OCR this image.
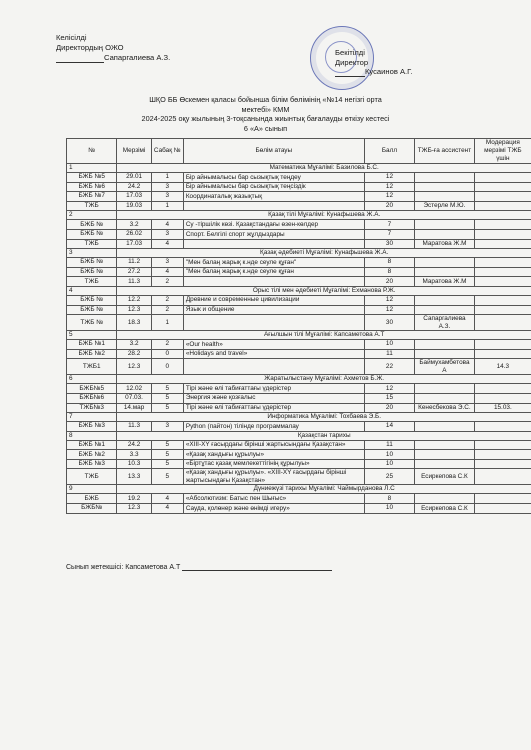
Келісілді
Директордың ОЖО
Сапаргалиева А.З.
Бекітілді
Директор
Кусаинов А.Г.
ШҚО ББ Өскемен қаласы бойынша білім бөлімінің «№14 негізгі орта
мектебі» КММ
2024-2025 оқу жылының 3-тоқсанында жиынтық бағалауды өткізу кестесі
6 «А» сынып
№	Мерзімі	Сабақ №	Бөлім атауы	Балл	ТЖБ-ға ассистент	Модерация мерзімі ТЖБ үшін
1	Математика Мұғалімі: Базилова Б.С.					
БЖБ №5	29.01	1	Бір айнымалысы бар сызықтық теңдеу	12		
БЖБ №6	24.2	3	Бір айнымалысы бар сызықтық теңсіздік	12		
БЖБ №7	17.03	3	Координаталық жазықтық	12		
ТЖБ	19.03	1		20	Эстерле М.Ю.	
2	Қазақ тілі Мұғалімі: Кунафьшева Ж.А.					
БЖБ №	3.2	4	Су -тіршілік көзі. Қазақстандағы өзен-көлдер	7		
БЖБ №	26.02	3	Спорт. Белгілі спорт жұлдыздары	7		
ТЖБ	17.03	4		30	Маратова Ж.М	
3	Қазақ әдебиеті Мұғалімі: Кунафьшева Ж.А.					
БЖБ №	11.2	3	"Мен балаң жарық к.нде сеуле құған"	8		
БЖБ №	27.2	4	"Мен балаң жарық к.нде сеуле құған	8		
ТЖБ	11.3	2		20	Маратова Ж.М	
4	Орыс тілі мен әдебиеті Мұғалімі: Ехманова Р.Ж.					
БЖБ №	12.2	2	Древние и современные цивилизации	12		
БЖБ №	12.3	2	Язык и общение	12		
ТЖБ №	18.3	1		30	Сапаргалиева А.З.	
5	Ағылшын тілі Мұғалімі: Капсаметова А.Т					
БЖБ №1	3.2	2	«Our health»	10		
БЖБ №2	28.2	0	«Holidays and travel»	11		
ТЖБ1	12.3	0		22	Баймухамбетова А	14.3
6	Жаратылыстану Мұғалімі: Ахметов Б.Ж.					
БЖБ№5	12.02	5	Тірі және өлі табиғаттағы үдерістер	12		
БЖБ№6	07.03.	5	Энергия және қозғалыс	15		
ТЖБ№3	14.мар	5	Тірі және өлі табиғаттағы үдерістер	20	Кенесбекова Э.С.	15.03.
7	Информатика Мұғалімі: Тохбаева Э.Б.					
БЖБ №3	11.3	3	Python (пайтон) тілінде программалау	14		
8	Қазақстан тарихы					
БЖБ №1	24.2	5	«XIII-XY ғасырдағы бірінші жартысындағы Қазақстан»	11		
БЖБ №2	3.3	5	«Қазақ хандығы құрылуы»	10		
БЖБ №3	10.3	5	«Біртұтас қазақ мемлекеттігінің құрылуы»	10		
ТЖБ	13.3	5	«Қазақ хандығы құрылуы». «XIII-XY ғасырдағы бірінші жартысындағы Қазақстан»	25	Есиркепова С.К	
9	Дүниежүзі тарихы Мұғалімі: Чаймырданова Л.С					
БЖБ	19.2	4	«Абсолютизм: Батыс пен Шығыс»	8		
БЖБ№	12.3	4	Сауда, қолөнер және өнімді игеру»	10	Есиркепова С.К	
Сынып жетекшісі: Капсаметова А.Т
